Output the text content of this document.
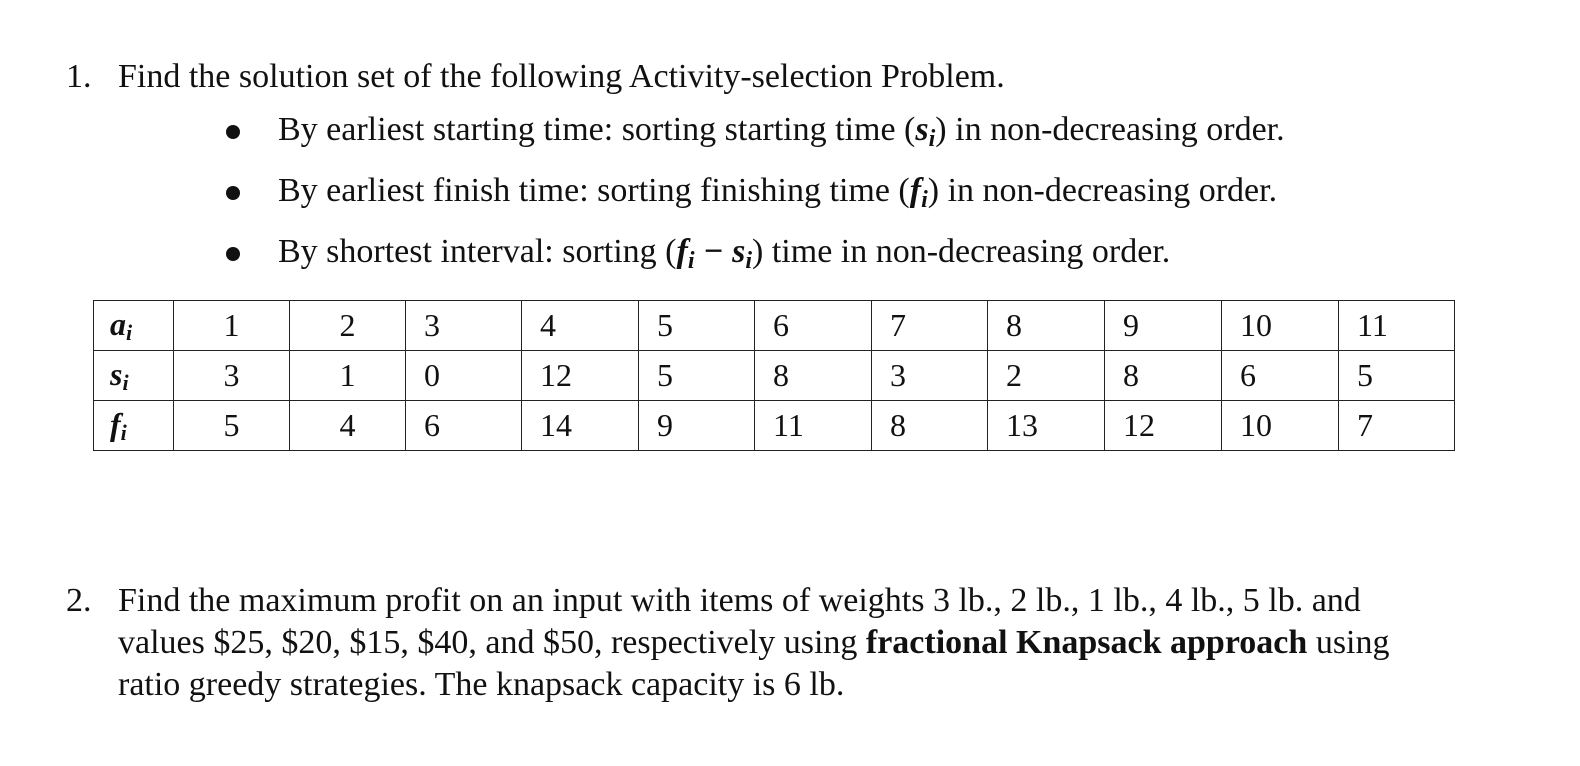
1. Find the solution set of the following Activity-selection Problem.
By earliest starting time: sorting starting time $(s_i)$ in non-decreasing order.
By earliest finish time: sorting finishing time $(f_i)$ in non-decreasing order.
By shortest interval: sorting $(f_i - s_i)$ time in non-decreasing order.
$a_i$	1	2	3	4	5	6	7	8	9	10	11
$s_i$	3	1	0	12	5	8	3	2	8	6	5
$f_i$	5	4	6	14	9	11	8	13	12	10	7
2. Find the maximum profit on an input with items of weights 3 lb., 2 lb., 1 lb., 4 lb., 5 lb. and
values $25, $20, $15, $40, and $50, respectively using fractional Knapsack approach using
ratio greedy strategies. The knapsack capacity is 6 lb.
